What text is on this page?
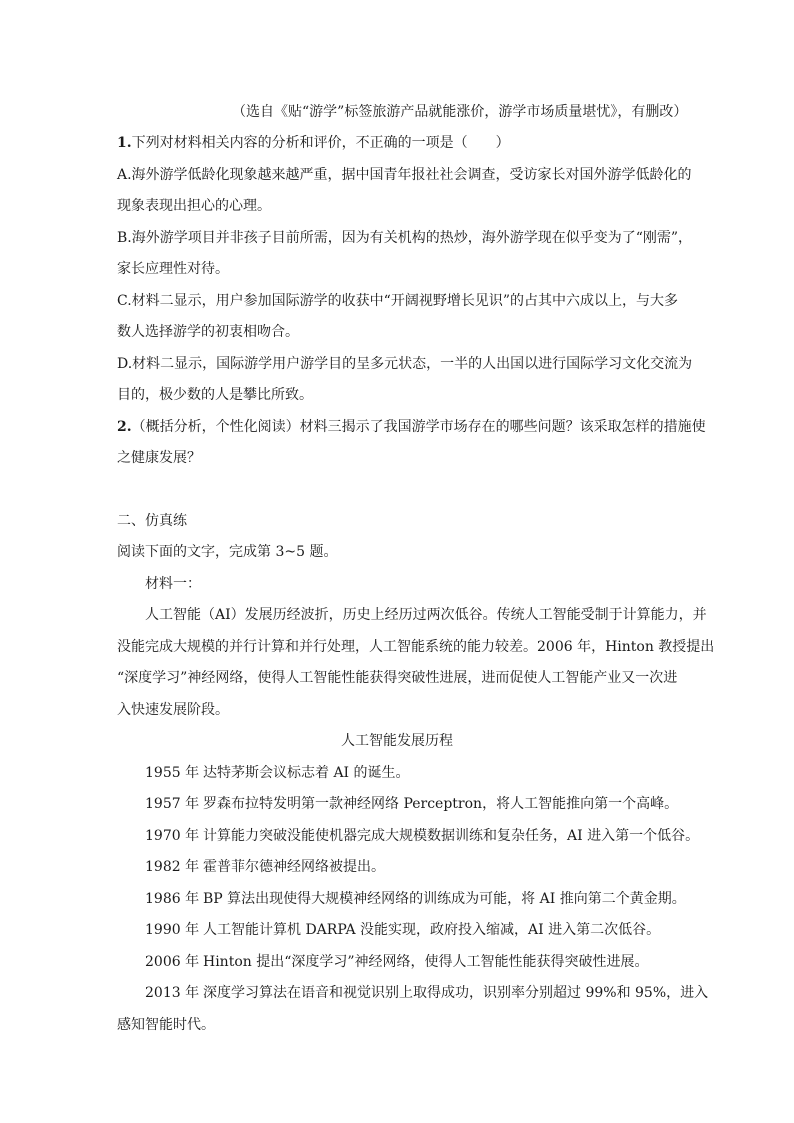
（选自《贴“游学”标签旅游产品就能涨价，游学市场质量堪忧》，有删改）
1.下列对材料相关内容的分析和评价，不正确的一项是（　　）
A.海外游学低龄化现象越来越严重，据中国青年报社社会调查，受访家长对国外游学低龄化的
现象表现出担心的心理。
B.海外游学项目并非孩子目前所需，因为有关机构的热炒，海外游学现在似乎变为了“刚需”，
家长应理性对待。
C.材料二显示，用户参加国际游学的收获中“开阔视野增长见识”的占其中六成以上，与大多
数人选择游学的初衷相吻合。
D.材料二显示，国际游学用户游学目的呈多元状态，一半的人出国以进行国际学习文化交流为
目的，极少数的人是攀比所致。
2.（概括分析，个性化阅读）材料三揭示了我国游学市场存在的哪些问题？该采取怎样的措施使
之健康发展？
二、仿真练
阅读下面的文字，完成第 3~5 题。
材料一：
人工智能（AI）发展历经波折，历史上经历过两次低谷。传统人工智能受制于计算能力，并
没能完成大规模的并行计算和并行处理，人工智能系统的能力较差。2006 年，Hinton 教授提出
“深度学习”神经网络，使得人工智能性能获得突破性进展，进而促使人工智能产业又一次进
入快速发展阶段。
人工智能发展历程
1955 年 达特茅斯会议标志着 AI 的诞生。
1957 年 罗森布拉特发明第一款神经网络 Perceptron，将人工智能推向第一个高峰。
1970 年 计算能力突破没能使机器完成大规模数据训练和复杂任务，AI 进入第一个低谷。
1982 年 霍普菲尔德神经网络被提出。
1986 年 BP 算法出现使得大规模神经网络的训练成为可能，将 AI 推向第二个黄金期。
1990 年 人工智能计算机 DARPA 没能实现，政府投入缩减，AI 进入第二次低谷。
2006 年 Hinton 提出“深度学习”神经网络，使得人工智能性能获得突破性进展。
2013 年 深度学习算法在语音和视觉识别上取得成功，识别率分别超过 99%和 95%，进入
感知智能时代。
